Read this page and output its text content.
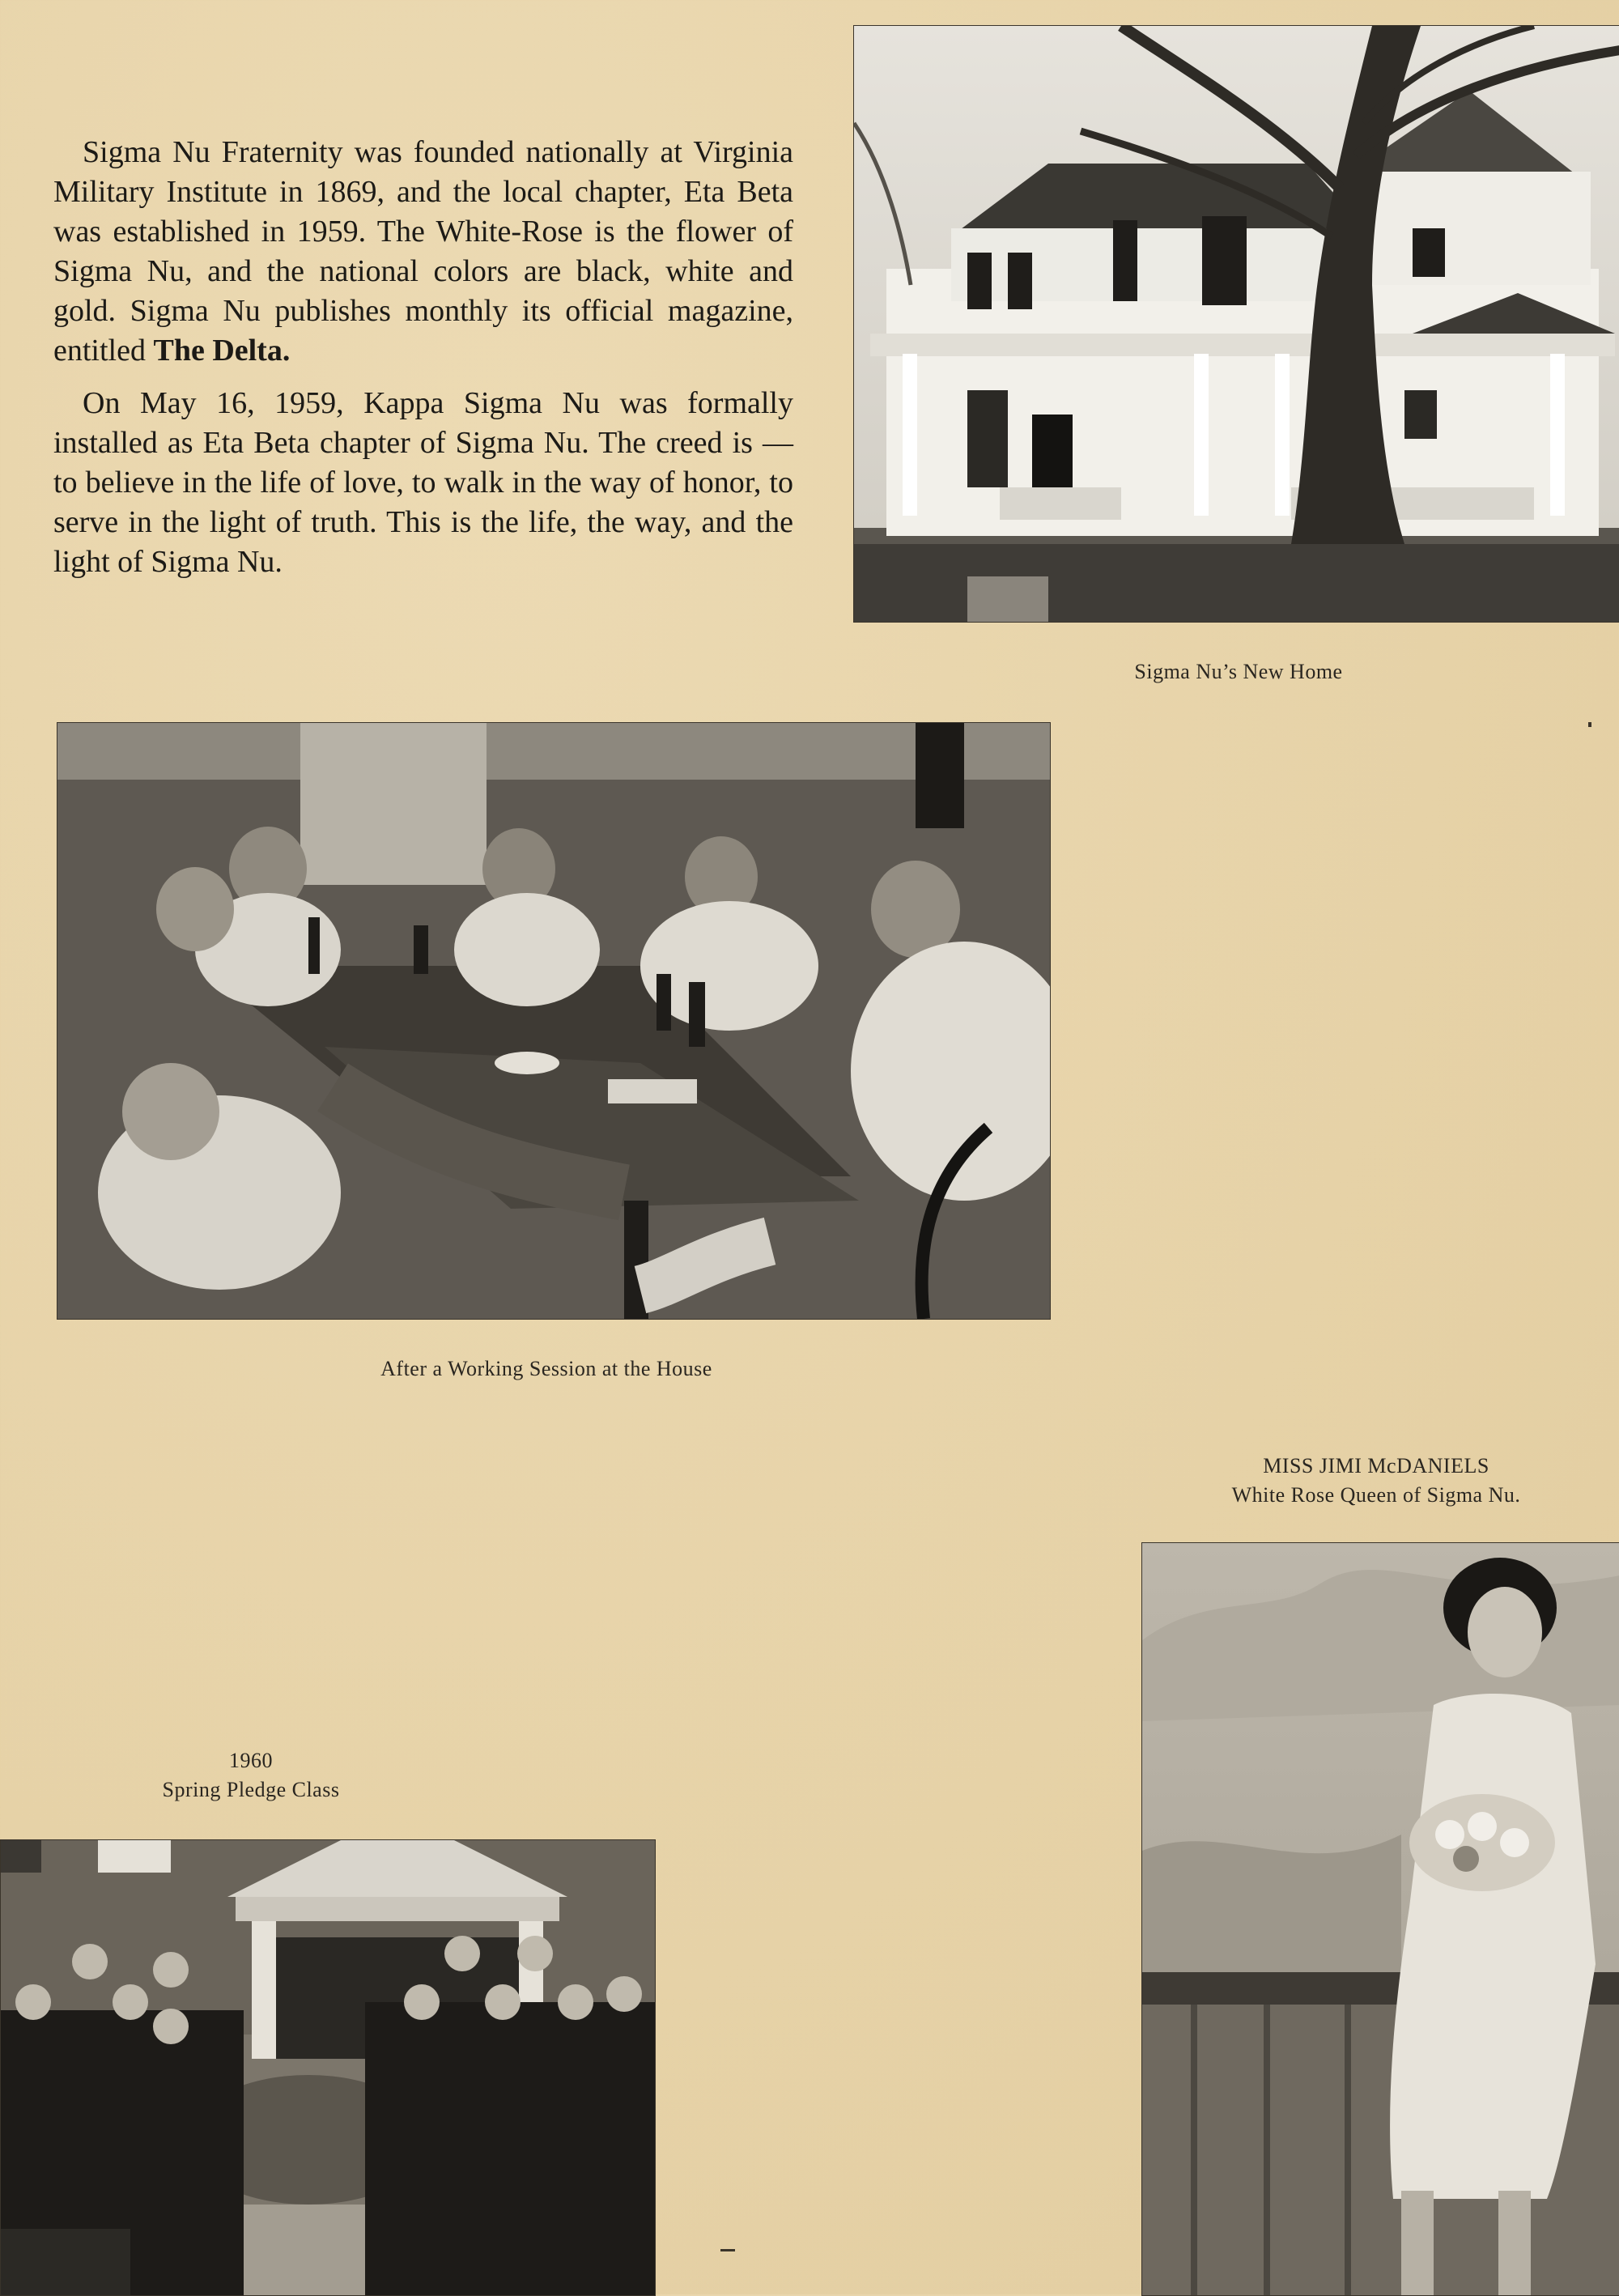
Sigma Nu Fraternity was founded nationally at Virginia Military Institute in 1869, and the local chapter, Eta Beta was established in 1959. The White-Rose is the flower of Sigma Nu, and the national colors are black, white and gold. Sigma Nu publishes monthly its official magazine, entitled The Delta.

On May 16, 1959, Kappa Sigma Nu was formally installed as Eta Beta chapter of Sigma Nu. The creed is — to believe in the life of love, to walk in the way of honor, to serve in the light of truth. This is the life, the way, and the light of Sigma Nu.

Sigma Nu’s New Home
After a Working Session at the House
MISS JIMI McDANIELS
White Rose Queen of Sigma Nu.
1960
Spring Pledge Class
